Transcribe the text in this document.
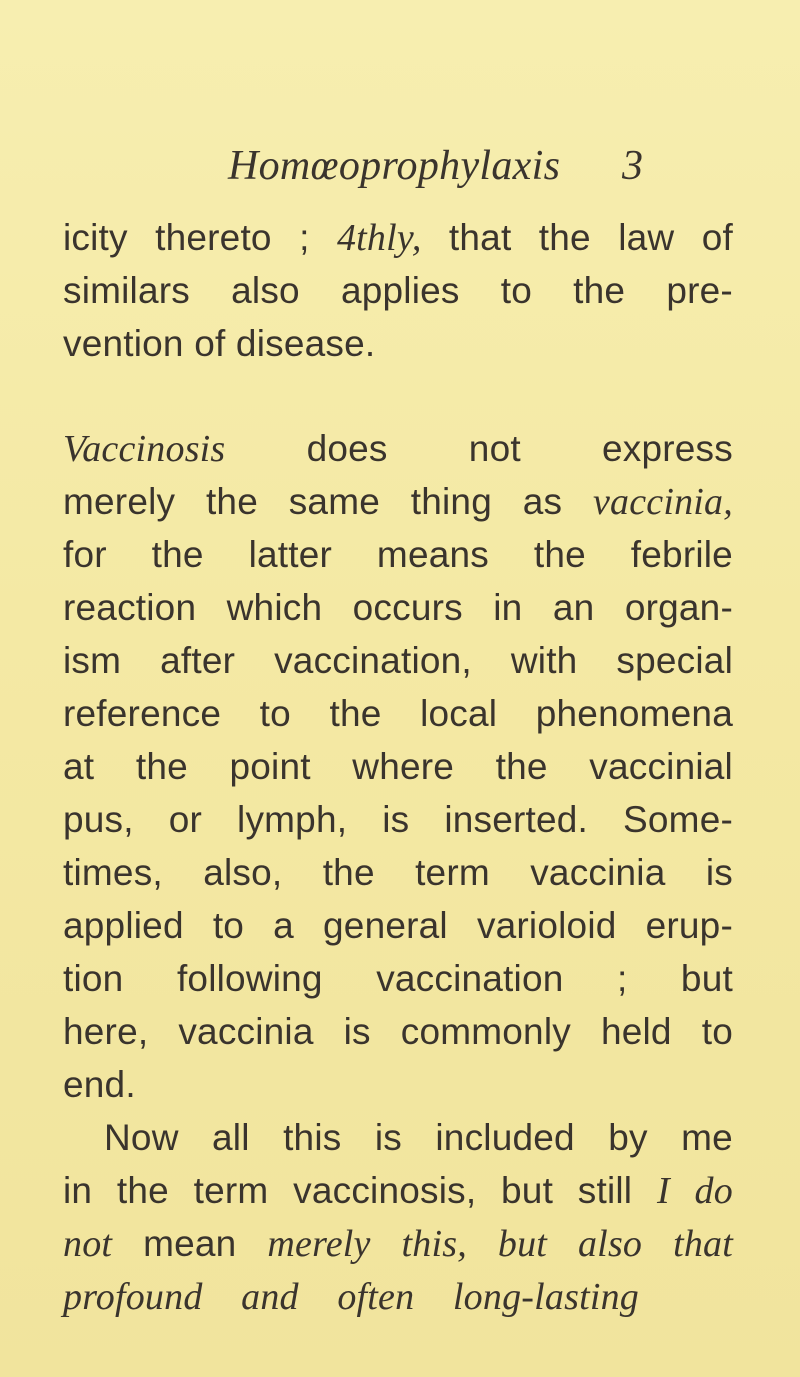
Homœoprophylaxis 3
icity thereto ; 4thly, that the law of
similars also applies to the pre-
vention of disease.
Vaccinosis does not express
merely the same thing as vaccinia,
for the latter means the febrile
reaction which occurs in an organ-
ism after vaccination, with special
reference to the local phenomena
at the point where the vaccinial
pus, or lymph, is inserted. Some-
times, also, the term vaccinia is
applied to a general varioloid erup-
tion following vaccination ; but
here, vaccinia is commonly held to
end.
Now all this is included by me
in the term vaccinosis, but still I do
not mean merely this, but also that
profound and often long-lasting
